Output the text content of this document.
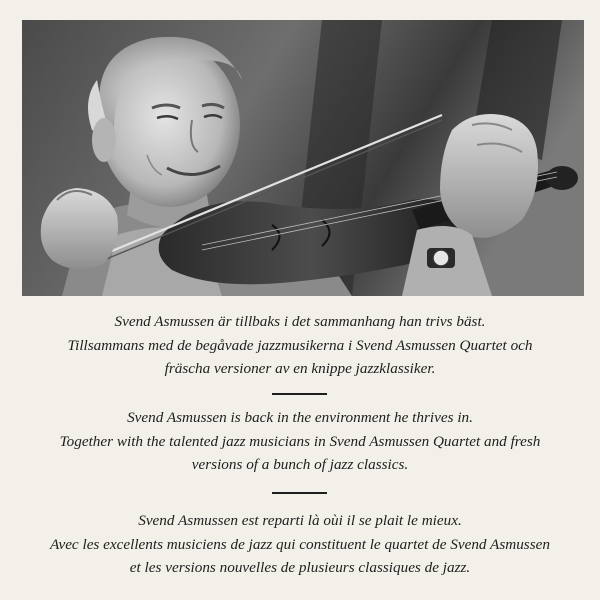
Svend Asmussen är tillbaks i det sammanhang han trivs bäst.

Tillsammans med de begåvade jazzmusikerna i Svend Asmussen Quartet och

fräscha versioner av en knippe jazzklassiker.

Svend Asmussen is back in the environment he thrives in.

Together with the talented jazz musicians in Svend Asmussen Quartet and fresh

versions of a bunch of jazz classics.

Svend Asmussen est reparti là oùi il se plait le mieux.

Avec les excellents musiciens de jazz qui constituent le quartet de Svend Asmussen

et les versions nouvelles de plusieurs classiques de jazz.
